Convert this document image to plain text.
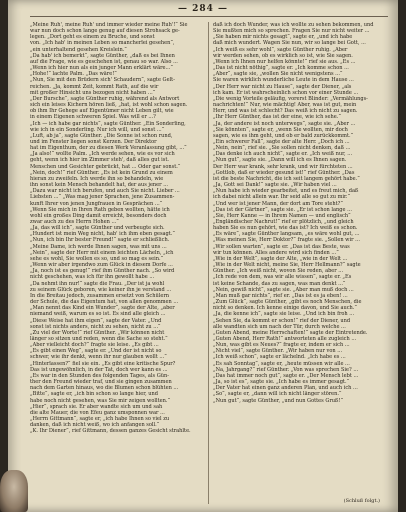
— 284 —
„Meine Ruh', meine Ruh' und immer wieder meine Ruh'!“ Sie
war nun doch schon lange genug auf diesen Strohsack ge-
legen. „Dort geht es einem zu Bruche, und sonst
von. „Ich hab' in meinen Leben so mancherlei gesehen“,
„ein unterhaltend gesehen Kreislein.“
„Da hab' ich bemerkt“, sagte Günther, „daß es bei Ihnen
auf die Frage, wie es geschehen ist, genau so war. Also ...
„Wenn ich hier nun als ein junger Mann erklärt wäre...“
„Hohe!“ lachte Palm. „Das wäre!“
„Nun, Sie mit den Brüdern sich' Schaudern“, sagte Gelt-
reichen. „Ja, kommt Zeit, kommt Rath, auf die wir
mit großer Hinsicht uns bezogen nicht haben ...“
„Der Bursche“, sagte Günther ruhig, während als Antwort
sich ein leises Kichern hören ließ, „hat, ist wohl schon sagen.
ob ihm Ihr Gehege auf Eigentümer nicht Leben gilt, wie
in einem Eigenen schweren Spiel. Was will er ...?
„Ich — ich habe gar nichts“, sagte Günther. „Ein Sonderling,
wie ich in ein Sonderling. Nur ich will, und sonst ...“
„Luft, ab ja“, sagte Günther. „Die Sonne ist schon rund,
und im Fenster liegen sonst Kerzen. Der Direktor
hat im Eigenthum, der zu diesen Werk Veranlassung gibt, ...“
„Ja also!“ wollte Palm. „Ich werde sehen, wie es vor sich
geht, wenn ich hier im Zimmer steh', daß alles gut ist.
Menschen und Gesichter gebrückt, hat ... Oder gar sonst.“
„Nein, doch!“ rief Günther. „Es ist kein Grund zu einem
hieran zu zweifeln. Ich werde ihn so behandeln, wie
ihn sonst kein Mensch behandelt hat, der aus jener ...
„Dazu war nicht ich berufen, und auch Sie nicht. Lieber ...
Liebsten ...“ „Was mag jener Sprachen, jene Zusammen-
kunft Ihrer von jenen Jungfrauen in Gesprächen ...“
„Wenn Sie mich in Ihren Rath geben wollten, hätte ich
wohl ein großes Ding damit erreicht, besonders doch
zwar auch zu des Herrn Hohen ...“
„Ja, das will ich“, sagte Günther und verbeugte sich.
„Hundert ist mein Weg nicht, hab' ich ihm eben gesagt.“
„Nun, ich bin Ihr bester Freund!“ sagte er schließlich.
„Meine Dame, ich werde Ihnen sagen, was mit uns ...
„Nein“, sagte der Herr mit einem leichten Lächeln, „ich
sehe es wohl, Sie wollen es so, und so mag es sein.“
„Wenn wir aber irgendwo zum Glück in diesem Dorfe ...
„Ja, noch ist es genug!“ rief ihm Günther nach. „So wird
nicht geschehen, was ich für ihn gewollt habe ...
„Da nehmt ihn nur!“ sagte die Frau. „Der ist ja wohl
zu seinem Glück geboren, wie keiner ihn je verstand ...
In die Breitau jedoch, zusammen ersetzt von Schülern
der Schule, die das Eigentum hat, von allen genommen ...
„Man nennt das Kind ein Wunder“, sagte der Alte, „aber
niemand weiß, warum es so ist. Es sind alle gleich ...
„Diese Weise hat ihm eigen“, sagte der Vater. „Und
sonst ist nichts anders, nicht zu sehen, nicht zu ...“
„Zu viel der Worte!“ rief Günther. „Wir können nicht
länger so sitzen und reden, wenn die Sache so steht.“
„Aber vielleicht doch?“ fragte sie leise. „Es gibt ...
„Es gibt einen Weg“, sagte er. „Und der ist nicht so
schwer, wie ihr denkt, wenn ihr nur glauben wollt ...“
„Hinterlassen?“ fiel sie ein. „Es gibt eine kritische Spur?
Das ist ungewöhnlich, in der Tat, doch wer kann es ...
„Es war in den Stunden des folgenden Tages, als Gün-
ther den Freund wieder traf, und sie gingen zusammen
nach dem Garten hinaus, wo die Blumen schon blühten ...
„Bitte“, sagte er, „ich bin schon so lange hier, und
habe noch nicht gesehen, was Sie mir zeigen wollten.“
„Hier“, sprach sie. Er aber wandte sich um und sah
die alte Mauer, die von Efeu ganz umsponnen war ...
„Herrn Gittmann“, sagte er, „ich habe Ihnen so viel zu
danken, daß ich nicht weiß, wo ich anfangen soll.“
„K. Ihr Diener“, rief Gittmann, dessen ganzes Gesicht strahlte.
daß ich doch Wunder, was ich wollte zu sehen bekommen, und
Sie mußten mich so sprechen. Fragen Sie nur nicht weiter ...
„Sie haben mir nichts gesagt“, sagte er, „und ich habe
daß mich wundert. Wagen Sie nun, wir so lange bei Gott, ...
„Ich weiß es sehr wohl“, sagte Günther ruhig. „Aber
wir werden sehen, ob es wirklich so ist, wie Sie sagen.
„Wenn ich Ihnen nur helfen könnte!“ rief sie aus. „Es ...
„Das ist nicht nöthig“, sagte er. „Ich komme schon ...
„Aber“, sagte sie, „wollen Sie nicht wenigstens ...“
Sie waren wirklich wunderliche Leute in dem Hause ...
„Der Herr war nicht zu Hause“, sagte der Diener, „als
ich kam. Er ist wahrscheinlich schon vor einer Stunde ...
„Die wenig Vorteile geläufig, vorerst Blinder: „Vermählungs-
nachrichten!“ Nur, wie mächtig! Aber, was ist gut, mein
Herr, und was ist schlecht? Das weiß ich nicht zu sagen.
„Ihr Herr Günther, das ist der eine, wie ich sehe.“
„Ja, der andere ist noch unterwegs“, sagte sie. „Aber ...
„Sie könnten“, sagte er, „wenn Sie wollten, mir doch
sagen, wie es ihm geht, und ob er bald zurückkommt.“
„Ein schwerer Fall“, sagte der alte Herr. „Doch ich ...
„Nein, nein“, rief sie. „Sie sollen nicht denken, daß ...
„Das denke ich auch nicht“, sagte er. „Ich weiß nur, ...
„Nun gut“, sagte sie. „Dann will ich es Ihnen sagen.
Der Herr war krank, sehr krank, und wir fürchteten ...
„Gottlob, daß er wieder gesund ist!“ rief Günther. „Das
ist die beste Nachricht, die ich seit langem gehört habe.“
„Ja, Gott sei Dank!“ sagte sie. „Wir haben viel ...
„Nun habe ich wieder gearbeitet, und es freut mich, daß
ich dabei nicht allein war. Ihr seid alle so gut zu mir.“
„Und wer ist jener Mann, der dort am Tore steht?“
„Das ist der Gärtner“, sagte sie. „Er ist schon lange ...
„Sie, Herr Kanne — in Ihrem Namen — und englisch“
„Engländischer Nachrut!“ rief er plötzlich, „und gleich
haben Sie es nun gehört, wie das ist? Ich weiß es schon.
„Es wäre“, sagte Günther langsam, „es wäre wohl gut, ...
„Was meinen Sie, Herr Doktor?“ fragte sie. „Sollen wir ...
„Wir sollen warten“, sagte er. „Das ist das Beste, was
wir tun können. Alles andere wird sich finden ...“
„Wie in der Welt“, sagte der Alte, „wie in der Welt ...
„Wie in der Welt nicht, meine Sie, Herr Hellmann?“ sagte
Günther. „Ich weiß nicht, wovon Sie reden, aber ...
„Ich rede von dem, was wir alle wissen“, sagte er. „Es
ist keine Schande, das zu sagen, was man denkt ...“
„Nein, gewiß nicht“, sagte sie. „Aber man muß doch ...
„Man muß gar nichts“, rief er. „Das ist es ja eben! ...
„Zum Glück“, sagte Günther, „gibt es noch Menschen, die
nicht so denken. Ich kenne einige davon, und Sie auch.“
„Ja, die kenne ich“, sagte sie leise. „Und ich bin froh ...
„Sehen Sie, da kommt er schon!“ rief der Diener, und
alle wandten sich um nach der Tür, durch welche ...
„Guten Abend, meine Herrschaften!“ sagte der Eintretende.
„Guten Abend, Herr Rath!“ antworteten alle zugleich ...
„Nun, was gibt es Neues?“ fragte er, indem er sich ...
„Nicht viel“, sagte Günther. „Wir haben nur von ...
„Ich weiß schon“, sagte er lächelnd. „Ich habe es ...
„Es sah Sonntag“, sagte er, „heute müssen wir alle ...
„Na, Jahrgang?“ rief Günther. „Von was sprechen Sie? ...
„Das hat immer noch gut“, sagte er. „Der Mensch lebt ...
„Ja, so ist es“, sagte sie. „Ich habe es immer gesagt.“
„Der Vater hat einen ganz anderen Plan, und auch ich ...
„So“, sagte er, „dann will ich nicht länger stören.“
„Nun gut“, sagte Günther, „und nun Gottes Gruß!“
(Schluß folgt.)
